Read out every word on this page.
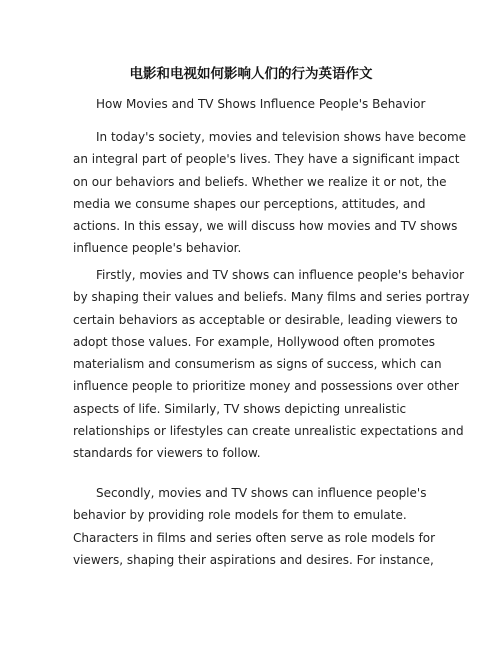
电影和电视如何影响人们的行为英语作文
How Movies and TV Shows Influence People's Behavior

In today's society, movies and television shows have become
an integral part of people's lives. They have a significant impact
on our behaviors and beliefs. Whether we realize it or not, the
media we consume shapes our perceptions, attitudes, and
actions. In this essay, we will discuss how movies and TV shows
influence people's behavior.

Firstly, movies and TV shows can influence people's behavior
by shaping their values and beliefs. Many films and series portray
certain behaviors as acceptable or desirable, leading viewers to
adopt those values. For example, Hollywood often promotes
materialism and consumerism as signs of success, which can
influence people to prioritize money and possessions over other
aspects of life. Similarly, TV shows depicting unrealistic
relationships or lifestyles can create unrealistic expectations and
standards for viewers to follow.

Secondly, movies and TV shows can influence people's
behavior by providing role models for them to emulate.
Characters in films and series often serve as role models for
viewers, shaping their aspirations and desires. For instance,
